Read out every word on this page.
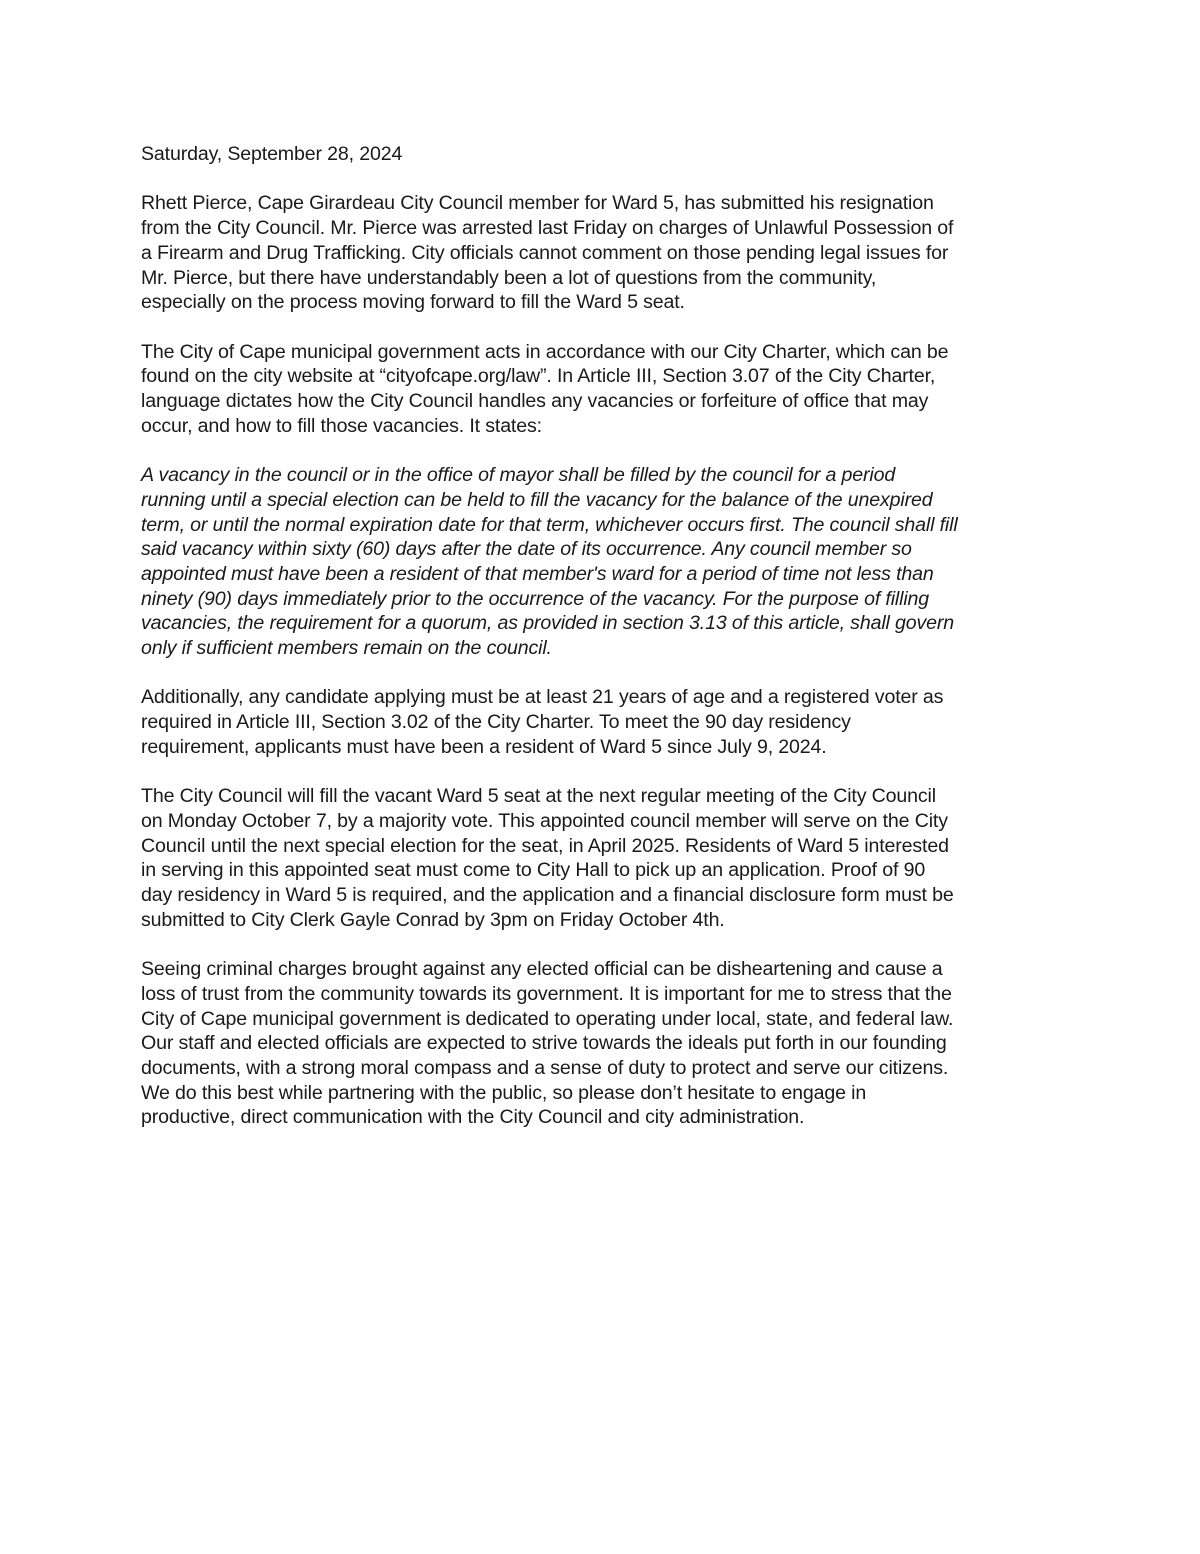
Saturday, September 28, 2024
Rhett Pierce, Cape Girardeau City Council member for Ward 5, has submitted his resignation
from the City Council. Mr. Pierce was arrested last Friday on charges of Unlawful Possession of
a Firearm and Drug Trafficking. City officials cannot comment on those pending legal issues for
Mr. Pierce, but there have understandably been a lot of questions from the community,
especially on the process moving forward to fill the Ward 5 seat.
The City of Cape municipal government acts in accordance with our City Charter, which can be
found on the city website at “cityofcape.org/law”. In Article III, Section 3.07 of the City Charter,
language dictates how the City Council handles any vacancies or forfeiture of office that may
occur, and how to fill those vacancies. It states:
A vacancy in the council or in the office of mayor shall be filled by the council for a period
running until a special election can be held to fill the vacancy for the balance of the unexpired
term, or until the normal expiration date for that term, whichever occurs first. The council shall fill
said vacancy within sixty (60) days after the date of its occurrence. Any council member so
appointed must have been a resident of that member's ward for a period of time not less than
ninety (90) days immediately prior to the occurrence of the vacancy. For the purpose of filling
vacancies, the requirement for a quorum, as provided in section 3.13 of this article, shall govern
only if sufficient members remain on the council.
Additionally, any candidate applying must be at least 21 years of age and a registered voter as
required in Article III, Section 3.02 of the City Charter. To meet the 90 day residency
requirement, applicants must have been a resident of Ward 5 since July 9, 2024.
The City Council will fill the vacant Ward 5 seat at the next regular meeting of the City Council
on Monday October 7, by a majority vote. This appointed council member will serve on the City
Council until the next special election for the seat, in April 2025. Residents of Ward 5 interested
in serving in this appointed seat must come to City Hall to pick up an application. Proof of 90
day residency in Ward 5 is required, and the application and a financial disclosure form must be
submitted to City Clerk Gayle Conrad by 3pm on Friday October 4th.
Seeing criminal charges brought against any elected official can be disheartening and cause a
loss of trust from the community towards its government. It is important for me to stress that the
City of Cape municipal government is dedicated to operating under local, state, and federal law.
Our staff and elected officials are expected to strive towards the ideals put forth in our founding
documents, with a strong moral compass and a sense of duty to protect and serve our citizens.
We do this best while partnering with the public, so please don’t hesitate to engage in
productive, direct communication with the City Council and city administration.
